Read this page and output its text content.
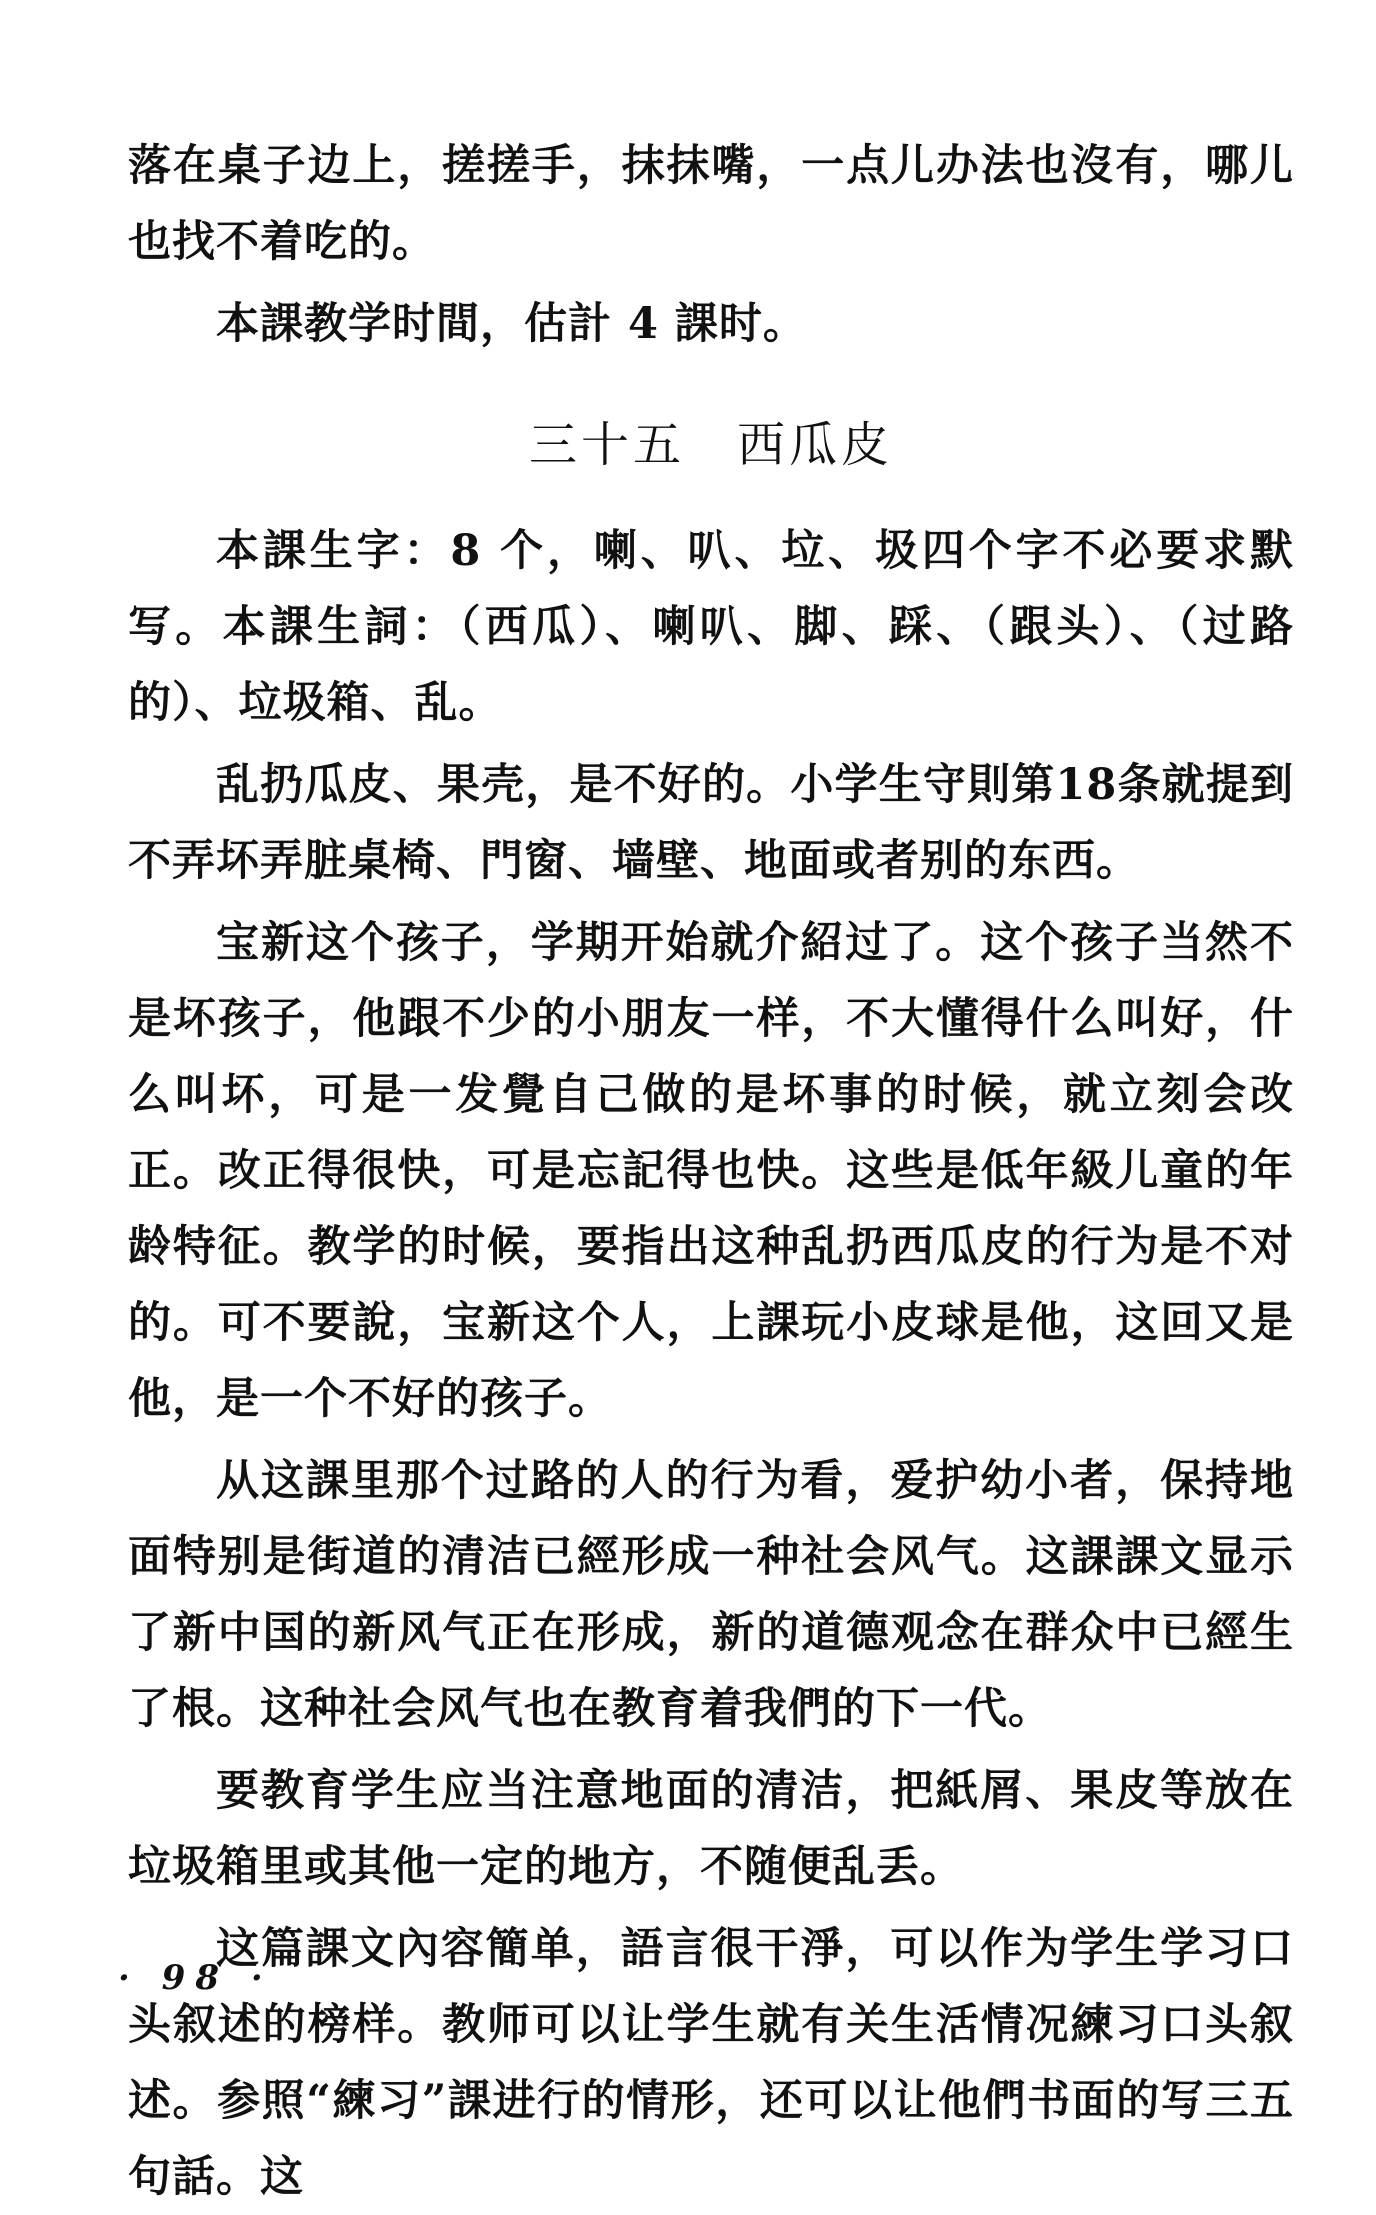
落在桌子边上，搓搓手，抹抹嘴，一点儿办法也沒有，哪儿也找不着吃的。

本課教学时間，估計 4 課时。

三十五　西瓜皮

本課生字：8 个，喇、叭、垃、圾四个字不必要求默写。本課生詞：（西瓜）、喇叭、脚、踩、（跟头）、（过路的）、垃圾箱、乱。

乱扔瓜皮、果壳，是不好的。小学生守則第18条就提到不弄坏弄脏桌椅、門窗、墙壁、地面或者别的东西。

宝新这个孩子，学期开始就介紹过了。这个孩子当然不是坏孩子，他跟不少的小朋友一样，不大懂得什么叫好，什么叫坏，可是一发覺自己做的是坏事的时候，就立刻会改正。改正得很快，可是忘記得也快。这些是低年級儿童的年龄特征。教学的时候，要指出这种乱扔西瓜皮的行为是不对的。可不要說，宝新这个人，上課玩小皮球是他，这回又是他，是一个不好的孩子。

从这課里那个过路的人的行为看，爱护幼小者，保持地面特别是街道的清洁已經形成一种社会风气。这課課文显示了新中国的新风气正在形成，新的道德观念在群众中已經生了根。这种社会风气也在教育着我們的下一代。

要教育学生应当注意地面的清洁，把紙屑、果皮等放在垃圾箱里或其他一定的地方，不随便乱丢。

这篇課文內容簡单，語言很干淨，可以作为学生学习口头叙述的榜样。教师可以让学生就有关生活情况練习口头叙述。参照“練习”課进行的情形，还可以让他們书面的写三五句話。这

· 98 ·
